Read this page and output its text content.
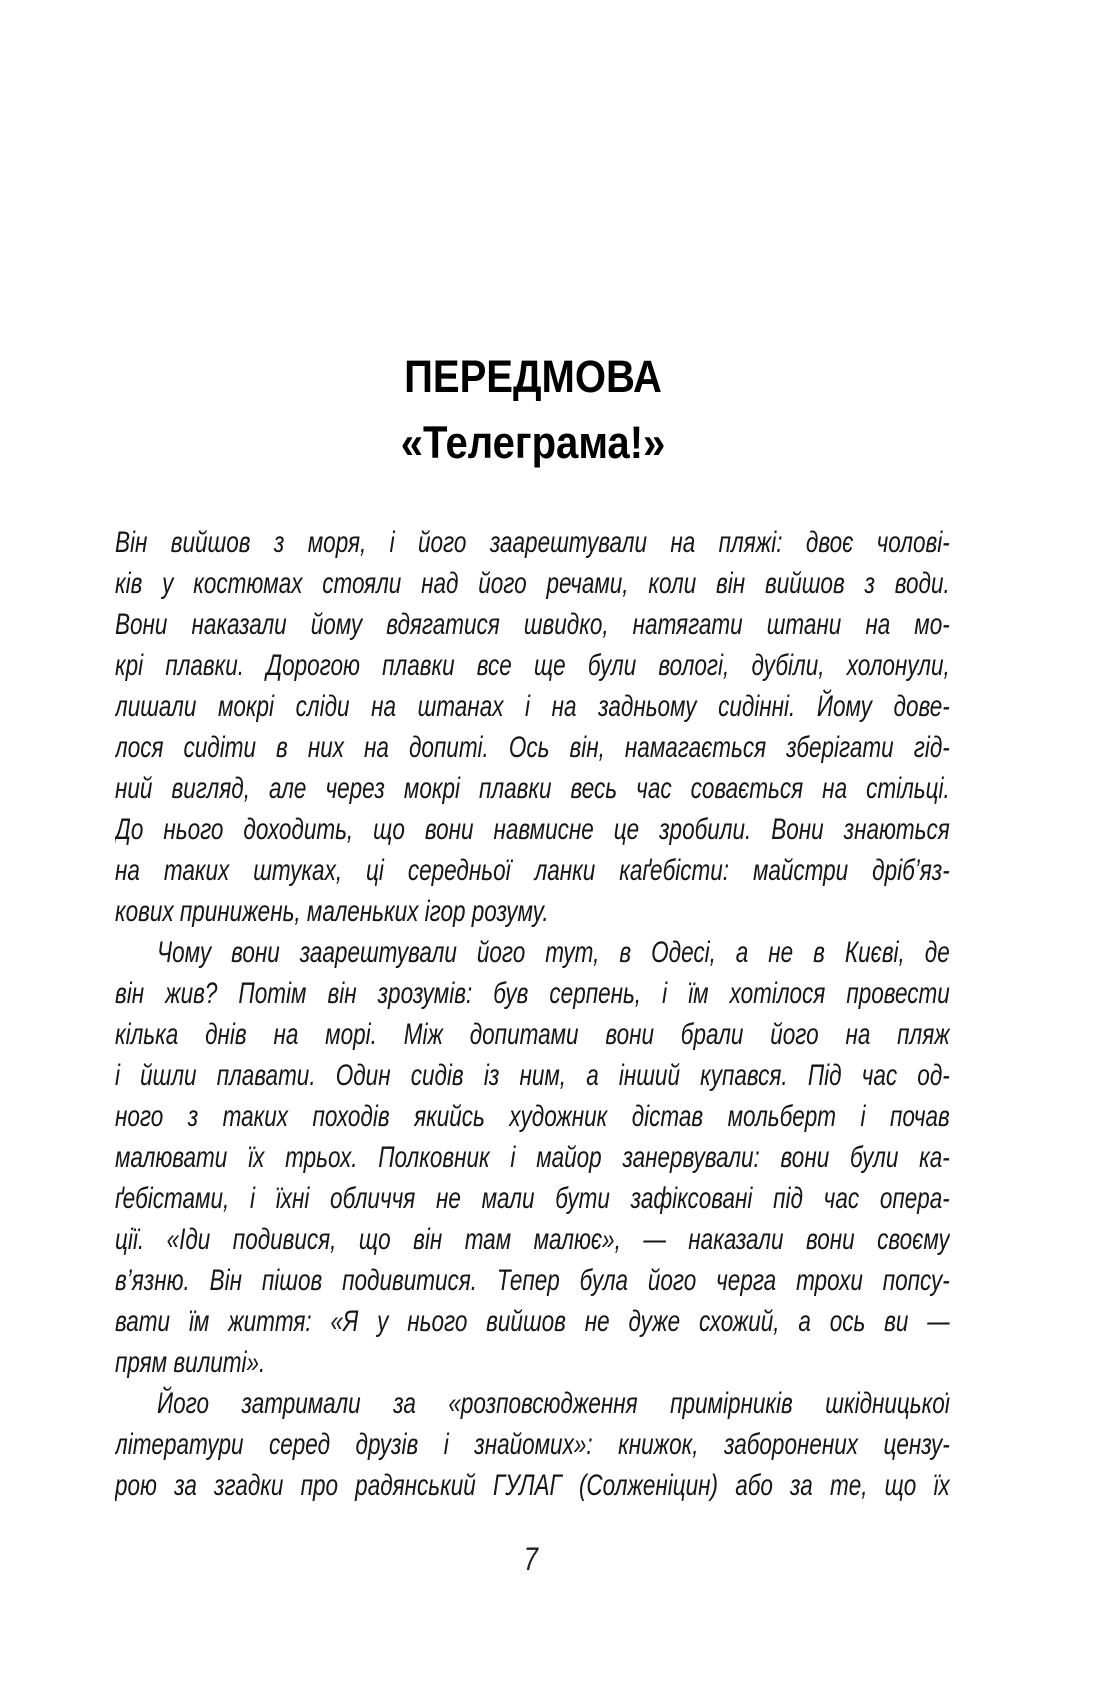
ПЕРЕДМОВА
«Телеграма!»
Він вийшов з моря, і його заарештували на пляжі: двоє чолові-
ків у костюмах стояли над його речами, коли він вийшов з води.
Вони наказали йому вдягатися швидко, натягати штани на мо-
крі плавки. Дорогою плавки все ще були вологі, дубіли, холонули,
лишали мокрі сліди на штанах і на задньому сидінні. Йому дове-
лося сидіти в них на допиті. Ось він, намагається зберігати гід-
ний вигляд, але через мокрі плавки весь час совається на стільці.
До нього доходить, що вони навмисне це зробили. Вони знаються
на таких штуках, ці середньої ланки каґебісти: майстри дріб’яз-
кових принижень, маленьких ігор розуму.
Чому вони заарештували його тут, в Одесі, а не в Києві, де
він жив? Потім він зрозумів: був серпень, і їм хотілося провести
кілька днів на морі. Між допитами вони брали його на пляж
і йшли плавати. Один сидів із ним, а інший купався. Під час од-
ного з таких походів якийсь художник дістав мольберт і почав
малювати їх трьох. Полковник і майор занервували: вони були ка-
ґебістами, і їхні обличчя не мали бути зафіксовані під час опера-
ції. «Іди подивися, що він там малює», — наказали вони своєму
в’язню. Він пішов подивитися. Тепер була його черга трохи попсу-
вати їм життя: «Я у нього вийшов не дуже схожий, а ось ви —
прям вилиті».
Його затримали за «розповсюдження примірників шкідницької
літератури серед друзів і знайомих»: книжок, заборонених цензу-
рою за згадки про радянський ГУЛАГ (Солженіцин) або за те, що їх
7
